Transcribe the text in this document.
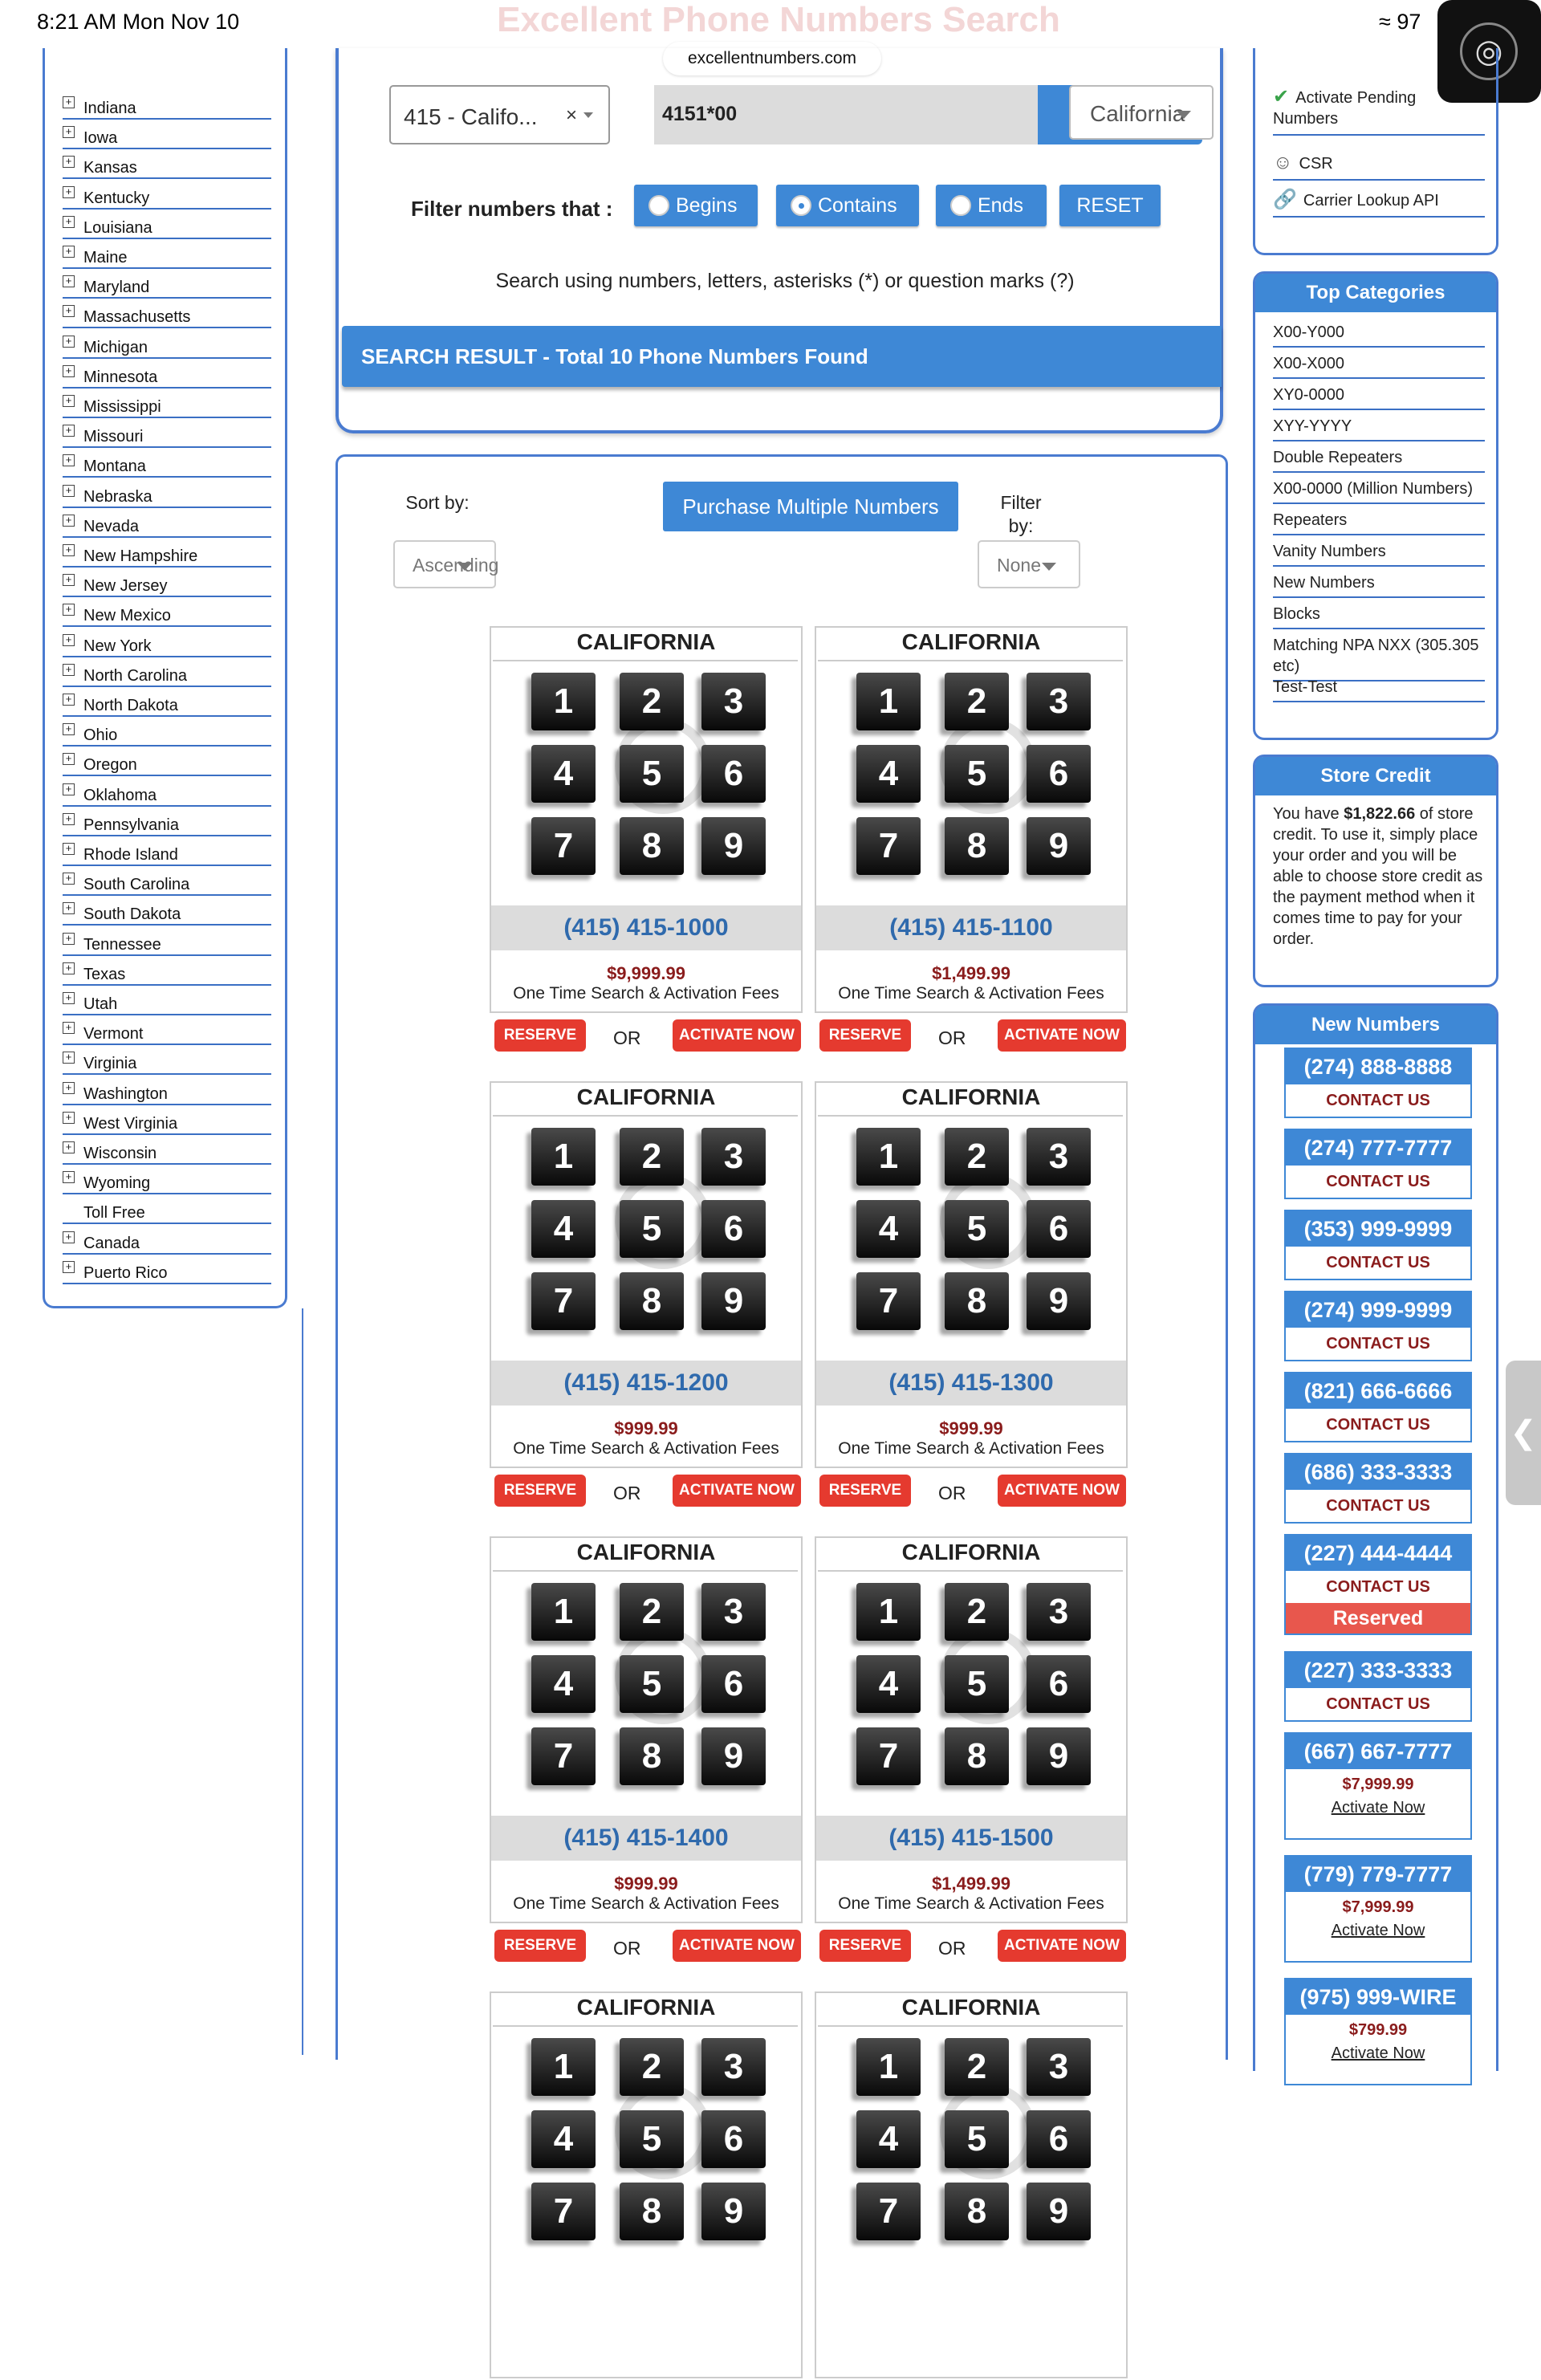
8:21 AM Mon Nov 10	≈ 97
Excellent Phone Numbers Search
excellentnumbers.com	◎
+ Indiana
+ Iowa
+ Kansas
+ Kentucky
+ Louisiana
+ Maine
+ Maryland
+ Massachusetts
+ Michigan
+ Minnesota
+ Mississippi
+ Missouri
+ Montana
+ Nebraska
+ Nevada
+ New Hampshire
+ New Jersey
+ New Mexico
+ New York
+ North Carolina
+ North Dakota
+ Ohio
+ Oregon
+ Oklahoma
+ Pennsylvania
+ Rhode Island
+ South Carolina
+ South Dakota
+ Tennessee
+ Texas
+ Utah
+ Vermont
+ Virginia
+ Washington
+ West Virginia
+ Wisconsin
+ Wyoming
Toll Free
+ Canada
+ Puerto Rico
415 - Califo... ×	4151*00	California
Filter numbers that :	Begins	Contains	Ends	RESET
Search using numbers, letters, asterisks (*) or question marks (?)
SEARCH RESULT - Total 10 Phone Numbers Found
Sort by:
Ascending
Purchase Multiple Numbers	Filter by:
None
CALIFORNIA
1	2	3
4	5	6
7	8	9
(415) 415-1000
$9,999.99
One Time Search & Activation Fees
RESERVE	OR	ACTIVATE NOW
CALIFORNIA
1	2	3
4	5	6
7	8	9
(415) 415-1100
$1,499.99
One Time Search & Activation Fees
RESERVE	OR	ACTIVATE NOW
CALIFORNIA
1	2	3
4	5	6
7	8	9
(415) 415-1200
$999.99
One Time Search & Activation Fees
RESERVE	OR	ACTIVATE NOW
CALIFORNIA
1	2	3
4	5	6
7	8	9
(415) 415-1300
$999.99
One Time Search & Activation Fees
RESERVE	OR	ACTIVATE NOW
CALIFORNIA
1	2	3
4	5	6
7	8	9
(415) 415-1400
$999.99
One Time Search & Activation Fees
RESERVE	OR	ACTIVATE NOW
CALIFORNIA
1	2	3
4	5	6
7	8	9
(415) 415-1500
$1,499.99
One Time Search & Activation Fees
RESERVE	OR	ACTIVATE NOW
CALIFORNIA
1	2	3
4	5	6
7	8	9
CALIFORNIA
1	2	3
4	5	6
7	8	9
✔ Activate Pending Numbers
☺ CSR
🔗 Carrier Lookup API
Top Categories
X00-Y000
X00-X000
XY0-0000
XYY-YYYY
Double Repeaters
X00-0000 (Million Numbers)
Repeaters
Vanity Numbers
New Numbers
Blocks
Matching NPA NXX (305.305 etc)
Test-Test
Store Credit
You have $1,822.66 of store credit. To use it, simply place your order and you will be able to choose store credit as the payment method when it comes time to pay for your order.
New Numbers
(274) 888-8888
CONTACT US
(274) 777-7777
CONTACT US
(353) 999-9999
CONTACT US
(274) 999-9999
CONTACT US
(821) 666-6666
CONTACT US
(686) 333-3333
CONTACT US
(227) 444-4444
CONTACT US
Reserved
(227) 333-3333
CONTACT US
(667) 667-7777
$7,999.99
Activate Now
(779) 779-7777
$7,999.99
Activate Now
(975) 999-WIRE
$799.99
Activate Now
❮
